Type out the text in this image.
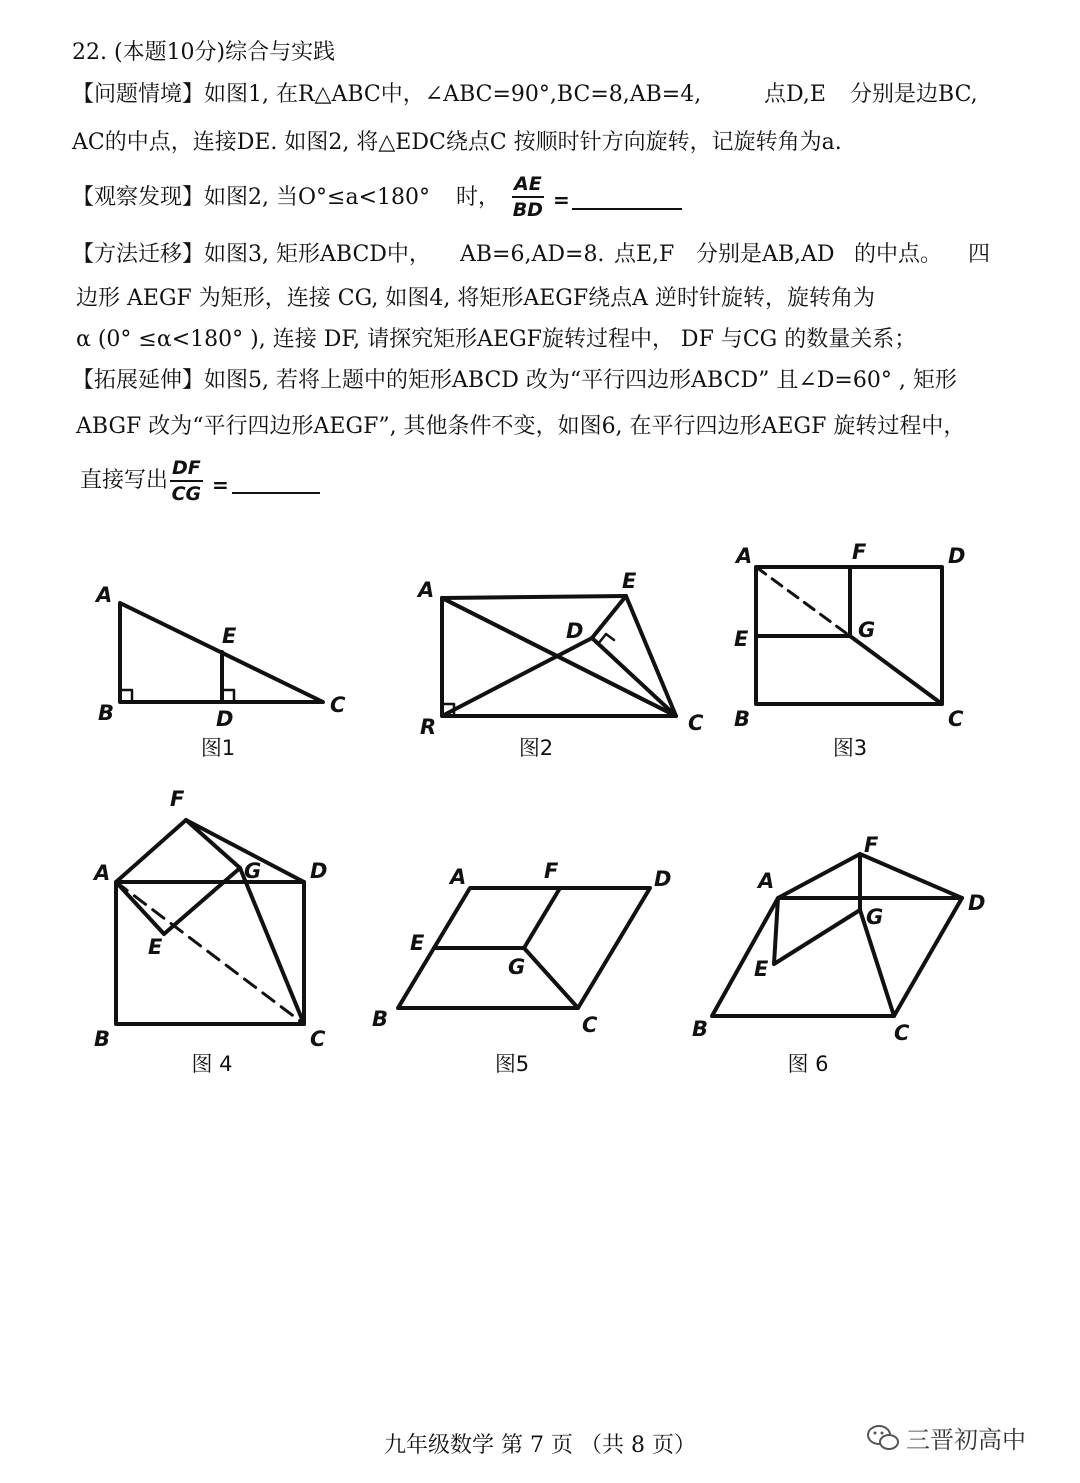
22. (本题10分)综合与实践
【问题情境】如图1, 在R△ABC中，∠ABC=90°,BC=8,AB=4,	点D,E 分别是边BC,
AC的中点，连接DE. 如图2, 将△EDC绕点C 按顺时针方向旋转，记旋转角为a.
【观察发现】如图2, 当O°≤a<180° 时， $\frac{AE}{BD}$ =
【方法迁移】如图3, 矩形ABCD中， AB=6,AD=8. 点E,F 分别是AB,AD 的中点。 四
边形 AEGF 为矩形，连接 CG, 如图4, 将矩形AEGF绕点A 逆时针旋转，旋转角为
α (0° ≤α<180° ), 连接 DF, 请探究矩形AEGF旋转过程中， DF 与CG 的数量关系；
【拓展延伸】如图5, 若将上题中的矩形ABCD 改为“平行四边形ABCD” 且∠D=60° , 矩形
ABGF 改为“平行四边形AEGF”, 其他条件不变，如图6, 在平行四边形AEGF 旋转过程中，
直接写出 $\frac{DF}{CG}$ =
A
E
B	D
C
A	E
D
R	C
A	F	D
E	G
B	C
F
A	G D
E
B	C
A	F	D
E
G
B	C
F
A
G
D
E
B	C
图1	图2	图3
图 4	图5	图 6
九年级数学 第 7 页 （共 8 页）	三晋初高中
